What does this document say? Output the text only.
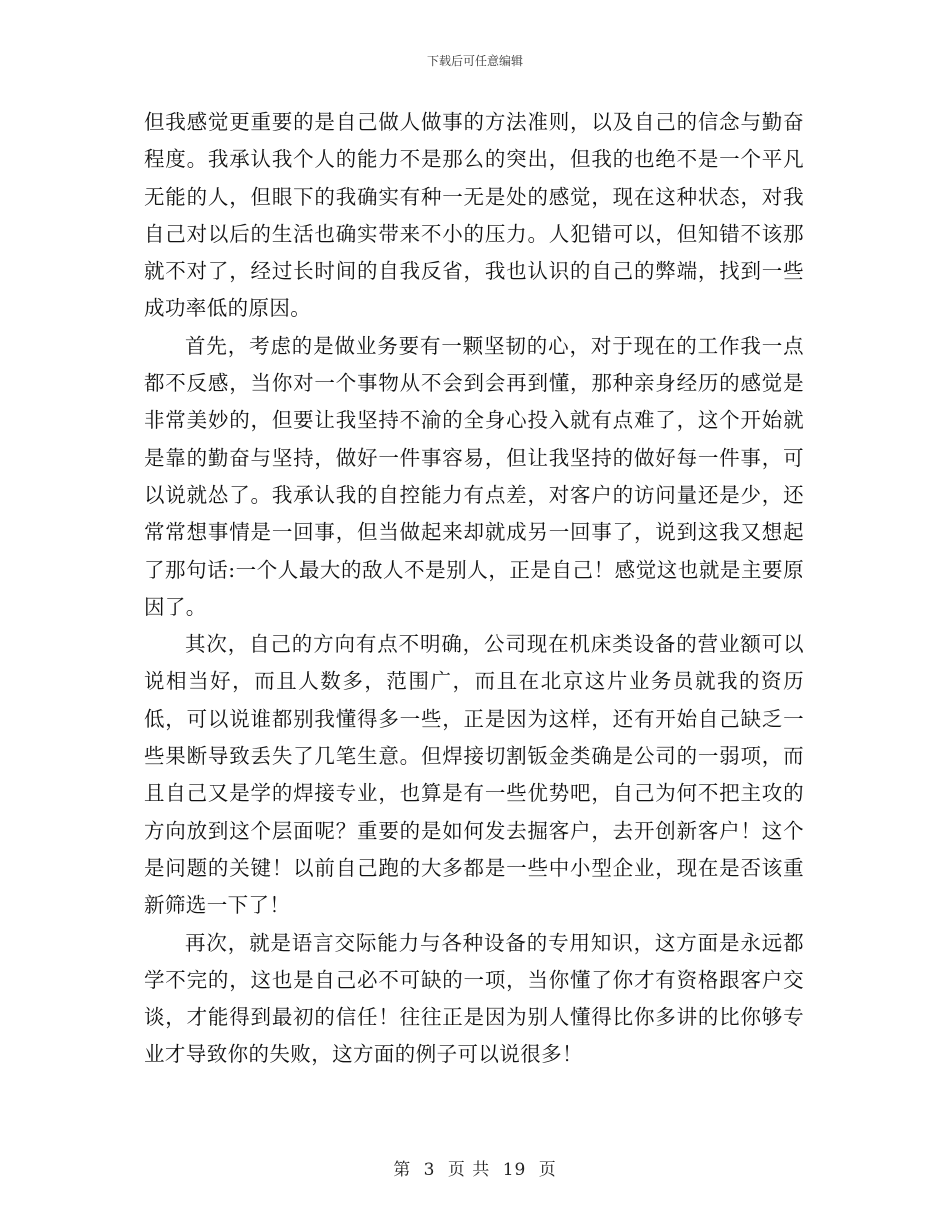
下载后可任意编辑

但我感觉更重要的是自己做人做事的方法准则，以及自己的信念与勤奋程度。我承认我个人的能力不是那么的突出，但我的也绝不是一个平凡无能的人，但眼下的我确实有种一无是处的感觉，现在这种状态，对我自己对以后的生活也确实带来不小的压力。人犯错可以，但知错不该那就不对了，经过长时间的自我反省，我也认识的自己的弊端，找到一些成功率低的原因。

首先，考虑的是做业务要有一颗坚韧的心，对于现在的工作我一点都不反感，当你对一个事物从不会到会再到懂，那种亲身经历的感觉是非常美妙的，但要让我坚持不渝的全身心投入就有点难了，这个开始就是靠的勤奋与坚持，做好一件事容易，但让我坚持的做好每一件事，可以说就怂了。我承认我的自控能力有点差，对客户的访问量还是少，还常常想事情是一回事，但当做起来却就成另一回事了，说到这我又想起了那句话:一个人最大的敌人不是别人，正是自己！感觉这也就是主要原因了。

其次，自己的方向有点不明确，公司现在机床类设备的营业额可以说相当好，而且人数多，范围广，而且在北京这片业务员就我的资历低，可以说谁都别我懂得多一些，正是因为这样，还有开始自己缺乏一些果断导致丢失了几笔生意。但焊接切割钣金类确是公司的一弱项，而且自己又是学的焊接专业，也算是有一些优势吧，自己为何不把主攻的方向放到这个层面呢？重要的是如何发去掘客户，去开创新客户！这个是问题的关键！以前自己跑的大多都是一些中小型企业，现在是否该重新筛选一下了！

再次，就是语言交际能力与各种设备的专用知识，这方面是永远都学不完的，这也是自己必不可缺的一项，当你懂了你才有资格跟客户交谈，才能得到最初的信任！往往正是因为别人懂得比你多讲的比你够专业才导致你的失败，这方面的例子可以说很多！

第 3 页 共 19 页
